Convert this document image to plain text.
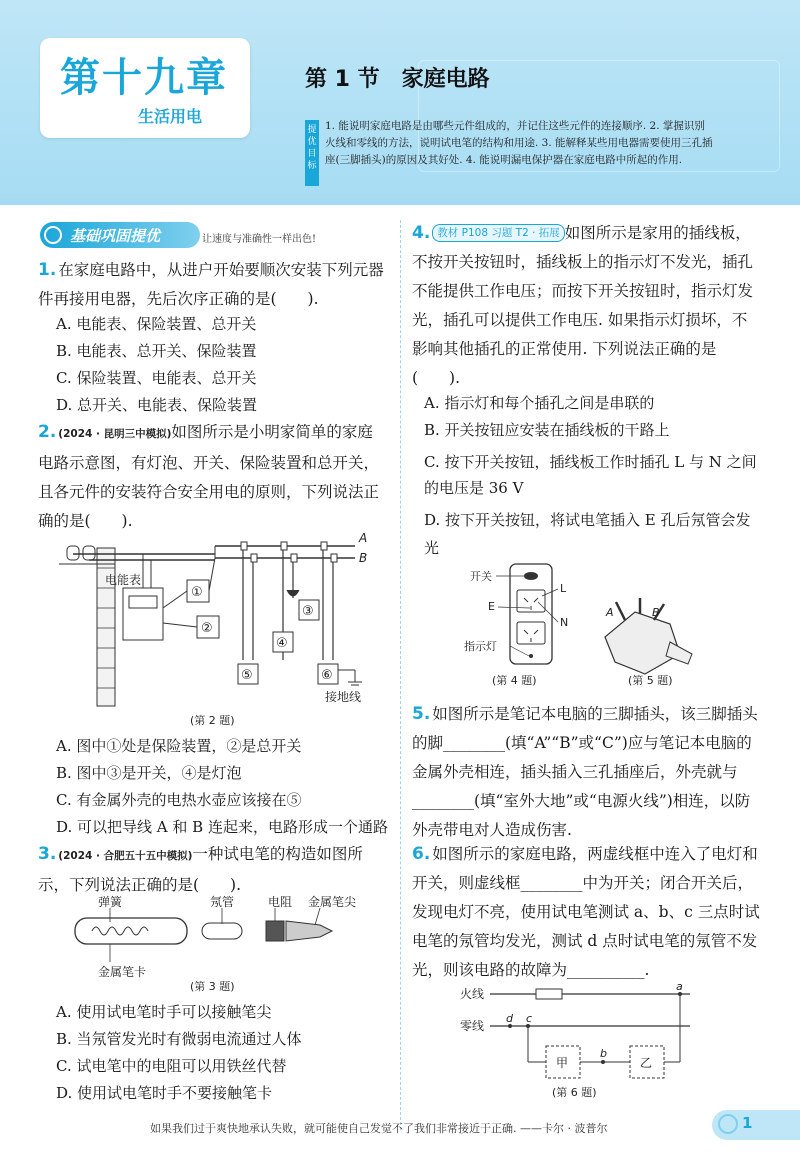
第十九章
生活用电
第 1 节 家庭电路
提优目标
1. 能说明家庭电路是由哪些元件组成的，并记住这些元件的连接顺序. 2. 掌握识别火线和零线的方法，说明试电笔的结构和用途. 3. 能解释某些用电器需要使用三孔插座(三脚插头)的原因及其好处. 4. 能说明漏电保护器在家庭电路中所起的作用.
基础巩固提优	让速度与准确性一样出色!
1. 在家庭电路中，从进户开始要顺次安装下列元器件再接用电器，先后次序正确的是(　　).
A. 电能表、保险装置、总开关
B. 电能表、总开关、保险装置
C. 保险装置、电能表、总开关
D. 总开关、电能表、保险装置
2. (2024 · 昆明三中模拟)如图所示是小明家简单的家庭电路示意图，有灯泡、开关、保险装置和总开关，且各元件的安装符合安全用电的原则，下列说法正确的是(　　).
电能表
①
②
A
B
③
④
⑤	⑥
接地线
(第 2 题)
A. 图中①处是保险装置，②是总开关
B. 图中③是开关，④是灯泡
C. 有金属外壳的电热水壶应该接在⑤
D. 可以把导线 A 和 B 连起来，电路形成一个通路
3. (2024 · 合肥五十五中模拟)一种试电笔的构造如图所示，下列说法正确的是(　　).
弹簧	氖管	电阻 金属笔尖
金属笔卡
(第 3 题)
A. 使用试电笔时手可以接触笔尖
B. 当氖管发光时有微弱电流通过人体
C. 试电笔中的电阻可以用铁丝代替
D. 使用试电笔时手不要接触笔卡
4. 教材 P108 习题 T2 · 拓展 如图所示是家用的插线板，不按开关按钮时，插线板上的指示灯不发光，插孔不能提供工作电压；而按下开关按钮时，指示灯发光，插孔可以提供工作电压. 如果指示灯损坏，不影响其他插孔的正常使用. 下列说法正确的是(　　).
A. 指示灯和每个插孔之间是串联的
B. 开关按钮应安装在插线板的干路上
C. 按下开关按钮，插线板工作时插孔 L 与 N 之间的电压是 36 V
D. 按下开关按钮，将试电笔插入 E 孔后氖管会发光
开关
L
E
N
指示灯
(第 4 题)
A	B
(第 5 题)
5. 如图所示是笔记本电脑的三脚插头，该三脚插头的脚________(填“A”“B”或“C”)应与笔记本电脑的金属外壳相连，插头插入三孔插座后，外壳就与________(填“室外大地”或“电源火线”)相连，以防外壳带电对人造成伤害.
6. 如图所示的家庭电路，两虚线框中连入了电灯和开关，则虚线框________中为开关；闭合开关后，发现电灯不亮，使用试电笔测试 a、b、c 三点时试电笔的氖管均发光，测试 d 点时试电笔的氖管不发光，则该电路的故障为__________.
火线
零线
a
d c
甲
b
乙
(第 6 题)
如果我们过于爽快地承认失败，就可能使自己发觉不了我们非常接近于正确. ——卡尔 · 波普尔	1
